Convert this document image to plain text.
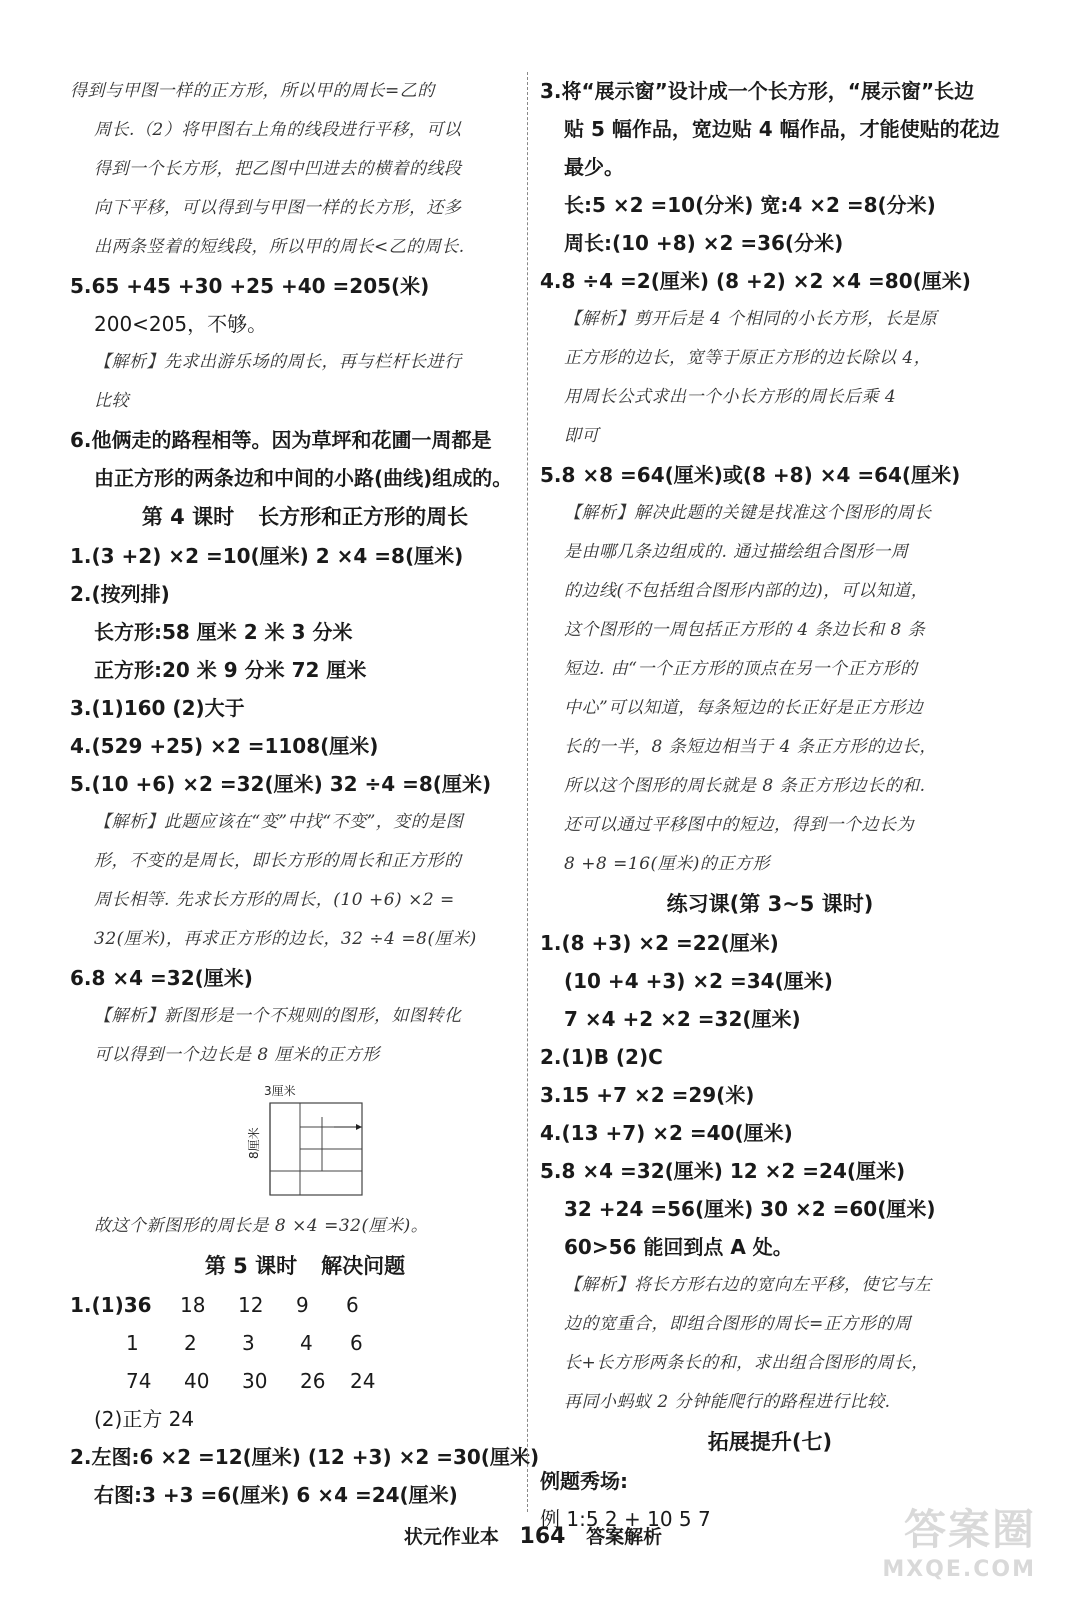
得到与甲图一样的正方形，所以甲的周长=乙的
周长.（2）将甲图右上角的线段进行平移，可以
得到一个长方形，把乙图中凹进去的横着的线段
向下平移，可以得到与甲图一样的长方形，还多
出两条竖着的短线段，所以甲的周长<乙的周长.
5.65 +45 +30 +25 +40 =205(米)
200<205，不够。
【解析】先求出游乐场的周长，再与栏杆长进行
比较
6.他俩走的路程相等。因为草坪和花圃一周都是
由正方形的两条边和中间的小路(曲线)组成的。
第 4 课时 长方形和正方形的周长
1.(3 +2) ×2 =10(厘米) 2 ×4 =8(厘米)
2.(按列排)
长方形:58 厘米 2 米 3 分米
正方形:20 米 9 分米 72 厘米
3.(1)160 (2)大于
4.(529 +25) ×2 =1108(厘米)
5.(10 +6) ×2 =32(厘米) 32 ÷4 =8(厘米)
【解析】此题应该在“变”中找“不变”，变的是图
形，不变的是周长，即长方形的周长和正方形的
周长相等. 先求长方形的周长，(10 +6) ×2 =
32(厘米)，再求正方形的边长，32 ÷4 =8(厘米)
6.8 ×4 =32(厘米)
【解析】新图形是一个不规则的图形，如图转化
可以得到一个边长是 8 厘米的正方形
3厘米
8厘米
故这个新图形的周长是 8 ×4 =32(厘米)。
第 5 课时 解决问题
1.(1)36	18	12	9	6
1	2	3	4	6
74	40	30	26	24
(2)正方 24
2.左图:6 ×2 =12(厘米) (12 +3) ×2 =30(厘米)
右图:3 +3 =6(厘米) 6 ×4 =24(厘米)
3.将“展示窗”设计成一个长方形，“展示窗”长边
贴 5 幅作品，宽边贴 4 幅作品，才能使贴的花边
最少。
长:5 ×2 =10(分米) 宽:4 ×2 =8(分米)
周长:(10 +8) ×2 =36(分米)
4.8 ÷4 =2(厘米) (8 +2) ×2 ×4 =80(厘米)
【解析】剪开后是 4 个相同的小长方形，长是原
正方形的边长，宽等于原正方形的边长除以 4，
用周长公式求出一个小长方形的周长后乘 4
即可
5.8 ×8 =64(厘米)或(8 +8) ×4 =64(厘米)
【解析】解决此题的关键是找准这个图形的周长
是由哪几条边组成的. 通过描绘组合图形一周
的边线(不包括组合图形内部的边)，可以知道，
这个图形的一周包括正方形的 4 条边长和 8 条
短边. 由“一个正方形的顶点在另一个正方形的
中心”可以知道，每条短边的长正好是正方形边
长的一半，8 条短边相当于 4 条正方形的边长，
所以这个图形的周长就是 8 条正方形边长的和.
还可以通过平移图中的短边，得到一个边长为
8 +8 =16(厘米)的正方形
练习课(第 3~5 课时)
1.(8 +3) ×2 =22(厘米)
(10 +4 +3) ×2 =34(厘米)
7 ×4 +2 ×2 =32(厘米)
2.(1)B (2)C
3.15 +7 ×2 =29(米)
4.(13 +7) ×2 =40(厘米)
5.8 ×4 =32(厘米) 12 ×2 =24(厘米)
32 +24 =56(厘米) 30 ×2 =60(厘米)
60>56 能回到点 A 处。
【解析】将长方形右边的宽向左平移，使它与左
边的宽重合，即组合图形的周长=正方形的周
长+长方形两条长的和，求出组合图形的周长，
再同小蚂蚁 2 分钟能爬行的路程进行比较.
拓展提升(七)
例题秀场:
例 1:5 2 + 10 5 7
状元作业本 164 答案解析	答案圈
MXQE.COM
